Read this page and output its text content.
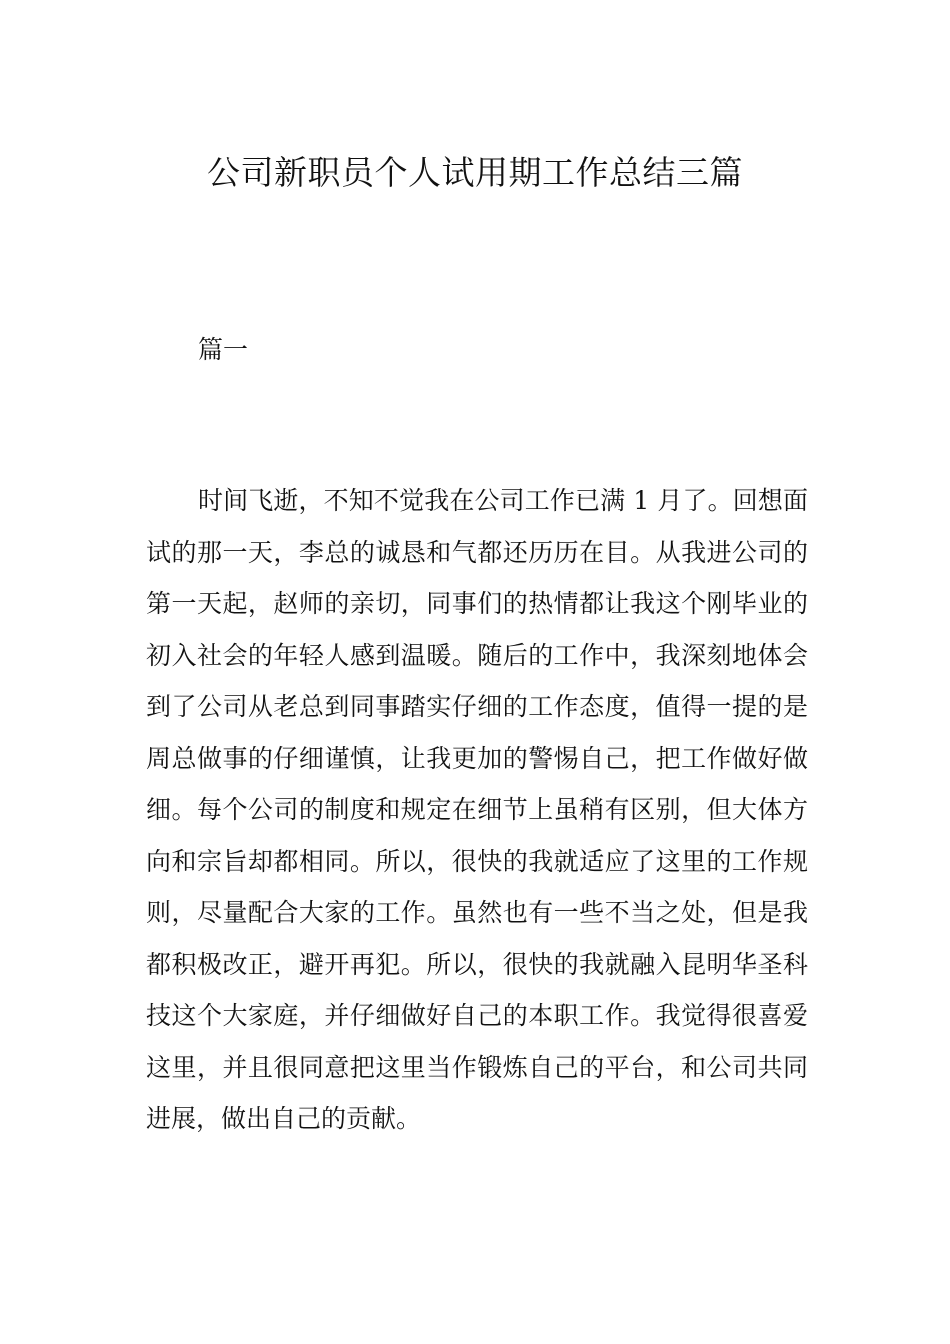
公司新职员个人试用期工作总结三篇
篇一

时间飞逝，不知不觉我在公司工作已满 1 月了。回想面试的那一天，李总的诚恳和气都还历历在目。从我进公司的第一天起，赵师的亲切，同事们的热情都让我这个刚毕业的初入社会的年轻人感到温暖。随后的工作中，我深刻地体会到了公司从老总到同事踏实仔细的工作态度，值得一提的是周总做事的仔细谨慎，让我更加的警惕自己，把工作做好做细。每个公司的制度和规定在细节上虽稍有区别，但大体方向和宗旨却都相同。所以，很快的我就适应了这里的工作规则，尽量配合大家的工作。虽然也有一些不当之处，但是我都积极改正，避开再犯。所以，很快的我就融入昆明华圣科技这个大家庭，并仔细做好自己的本职工作。我觉得很喜爱这里，并且很同意把这里当作锻炼自己的平台，和公司共同进展，做出自己的贡献。
